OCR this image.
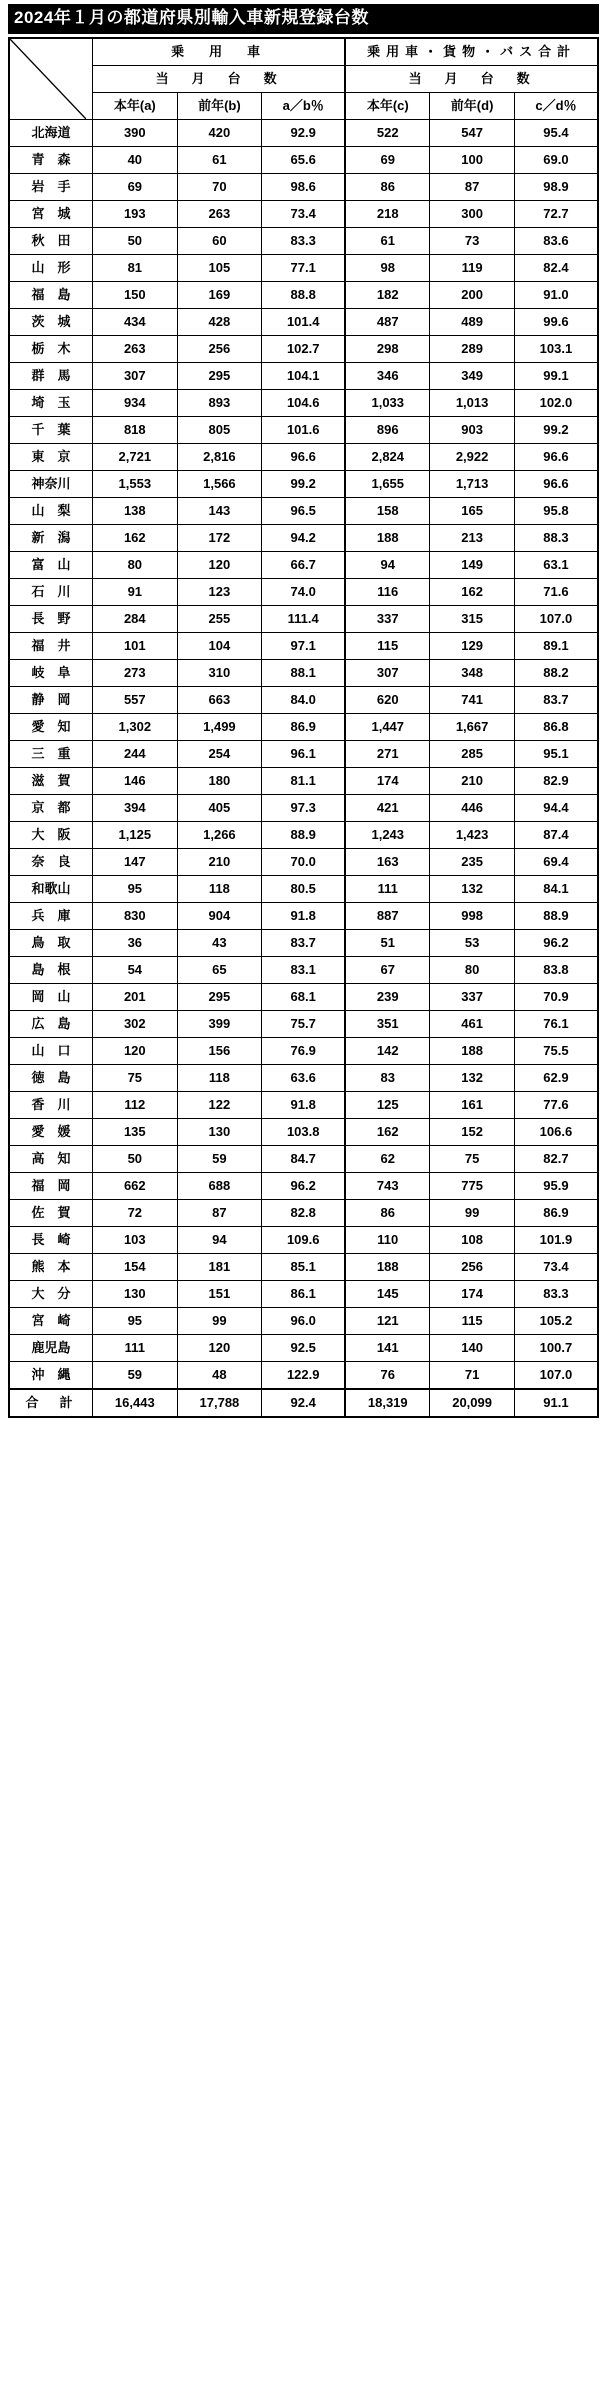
2024年１月の都道府県別輸入車新規登録台数
	乗　用　車			乗用車・貨物・バス合計		
	当　月　台　数			当　月　台　数		
	本年(a)	前年(b)	a／b％	本年(c)	前年(d)	c／d％
北海道	390	420	92.9	522	547	95.4
青　森	40	61	65.6	69	100	69.0
岩　手	69	70	98.6	86	87	98.9
宮　城	193	263	73.4	218	300	72.7
秋　田	50	60	83.3	61	73	83.6
山　形	81	105	77.1	98	119	82.4
福　島	150	169	88.8	182	200	91.0
茨　城	434	428	101.4	487	489	99.6
栃　木	263	256	102.7	298	289	103.1
群　馬	307	295	104.1	346	349	99.1
埼　玉	934	893	104.6	1,033	1,013	102.0
千　葉	818	805	101.6	896	903	99.2
東　京	2,721	2,816	96.6	2,824	2,922	96.6
神奈川	1,553	1,566	99.2	1,655	1,713	96.6
山　梨	138	143	96.5	158	165	95.8
新　潟	162	172	94.2	188	213	88.3
富　山	80	120	66.7	94	149	63.1
石　川	91	123	74.0	116	162	71.6
長　野	284	255	111.4	337	315	107.0
福　井	101	104	97.1	115	129	89.1
岐　阜	273	310	88.1	307	348	88.2
静　岡	557	663	84.0	620	741	83.7
愛　知	1,302	1,499	86.9	1,447	1,667	86.8
三　重	244	254	96.1	271	285	95.1
滋　賀	146	180	81.1	174	210	82.9
京　都	394	405	97.3	421	446	94.4
大　阪	1,125	1,266	88.9	1,243	1,423	87.4
奈　良	147	210	70.0	163	235	69.4
和歌山	95	118	80.5	111	132	84.1
兵　庫	830	904	91.8	887	998	88.9
鳥　取	36	43	83.7	51	53	96.2
島　根	54	65	83.1	67	80	83.8
岡　山	201	295	68.1	239	337	70.9
広　島	302	399	75.7	351	461	76.1
山　口	120	156	76.9	142	188	75.5
徳　島	75	118	63.6	83	132	62.9
香　川	112	122	91.8	125	161	77.6
愛　媛	135	130	103.8	162	152	106.6
高　知	50	59	84.7	62	75	82.7
福　岡	662	688	96.2	743	775	95.9
佐　賀	72	87	82.8	86	99	86.9
長　崎	103	94	109.6	110	108	101.9
熊　本	154	181	85.1	188	256	73.4
大　分	130	151	86.1	145	174	83.3
宮　崎	95	99	96.0	121	115	105.2
鹿児島	111	120	92.5	141	140	100.7
沖　縄	59	48	122.9	76	71	107.0
合　計	16,443	17,788	92.4	18,319	20,099	91.1
